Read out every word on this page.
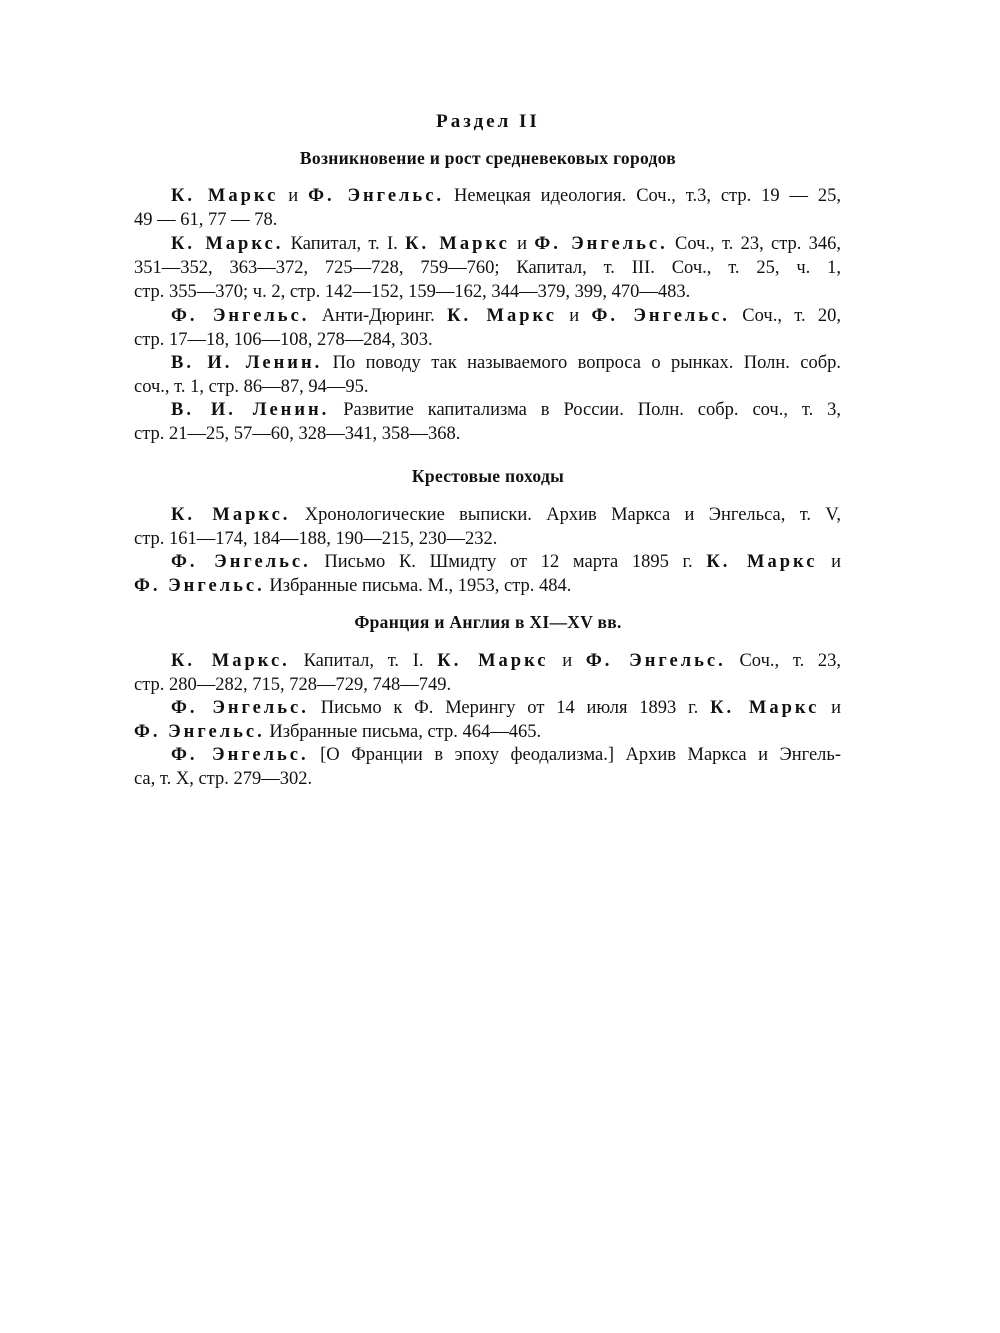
Раздел II
Возникновение и рост средневековых городов
К. Маркс и Ф. Энгельс. Немецкая идеология. Соч., т.3, стр. 19 — 25,
49 — 61, 77 — 78.
К. Маркс. Капитал, т. I. К. Маркс и Ф. Энгельс. Соч., т. 23, стр. 346,
351—352, 363—372, 725—728, 759—760; Капитал, т. III. Соч., т. 25, ч. 1,
стр. 355—370; ч. 2, стр. 142—152, 159—162, 344—379, 399, 470—483.
Ф. Энгельс. Анти-Дюринг. К. Маркс и Ф. Энгельс. Соч., т. 20,
стр. 17—18, 106—108, 278—284, 303.
В. И. Ленин. По поводу так называемого вопроса о рынках. Полн. собр.
соч., т. 1, стр. 86—87, 94—95.
В. И. Ленин. Развитие капитализма в России. Полн. собр. соч., т. 3,
стр. 21—25, 57—60, 328—341, 358—368.
Крестовые походы
К. Маркс. Хронологические выписки. Архив Маркса и Энгельса, т. V,
стр. 161—174, 184—188, 190—215, 230—232.
Ф. Энгельс. Письмо К. Шмидту от 12 марта 1895 г. К. Маркс и
Ф. Энгельс. Избранные письма. М., 1953, стр. 484.
Франция и Англия в XI—XV вв.
К. Маркс. Капитал, т. I. К. Маркс и Ф. Энгельс. Соч., т. 23,
стр. 280—282, 715, 728—729, 748—749.
Ф. Энгельс. Письмо к Ф. Мерингу от 14 июля 1893 г. К. Маркс и
Ф. Энгельс. Избранные письма, стр. 464—465.
Ф. Энгельс. [О Франции в эпоху феодализма.] Архив Маркса и Энгель-
са, т. X, стр. 279—302.
